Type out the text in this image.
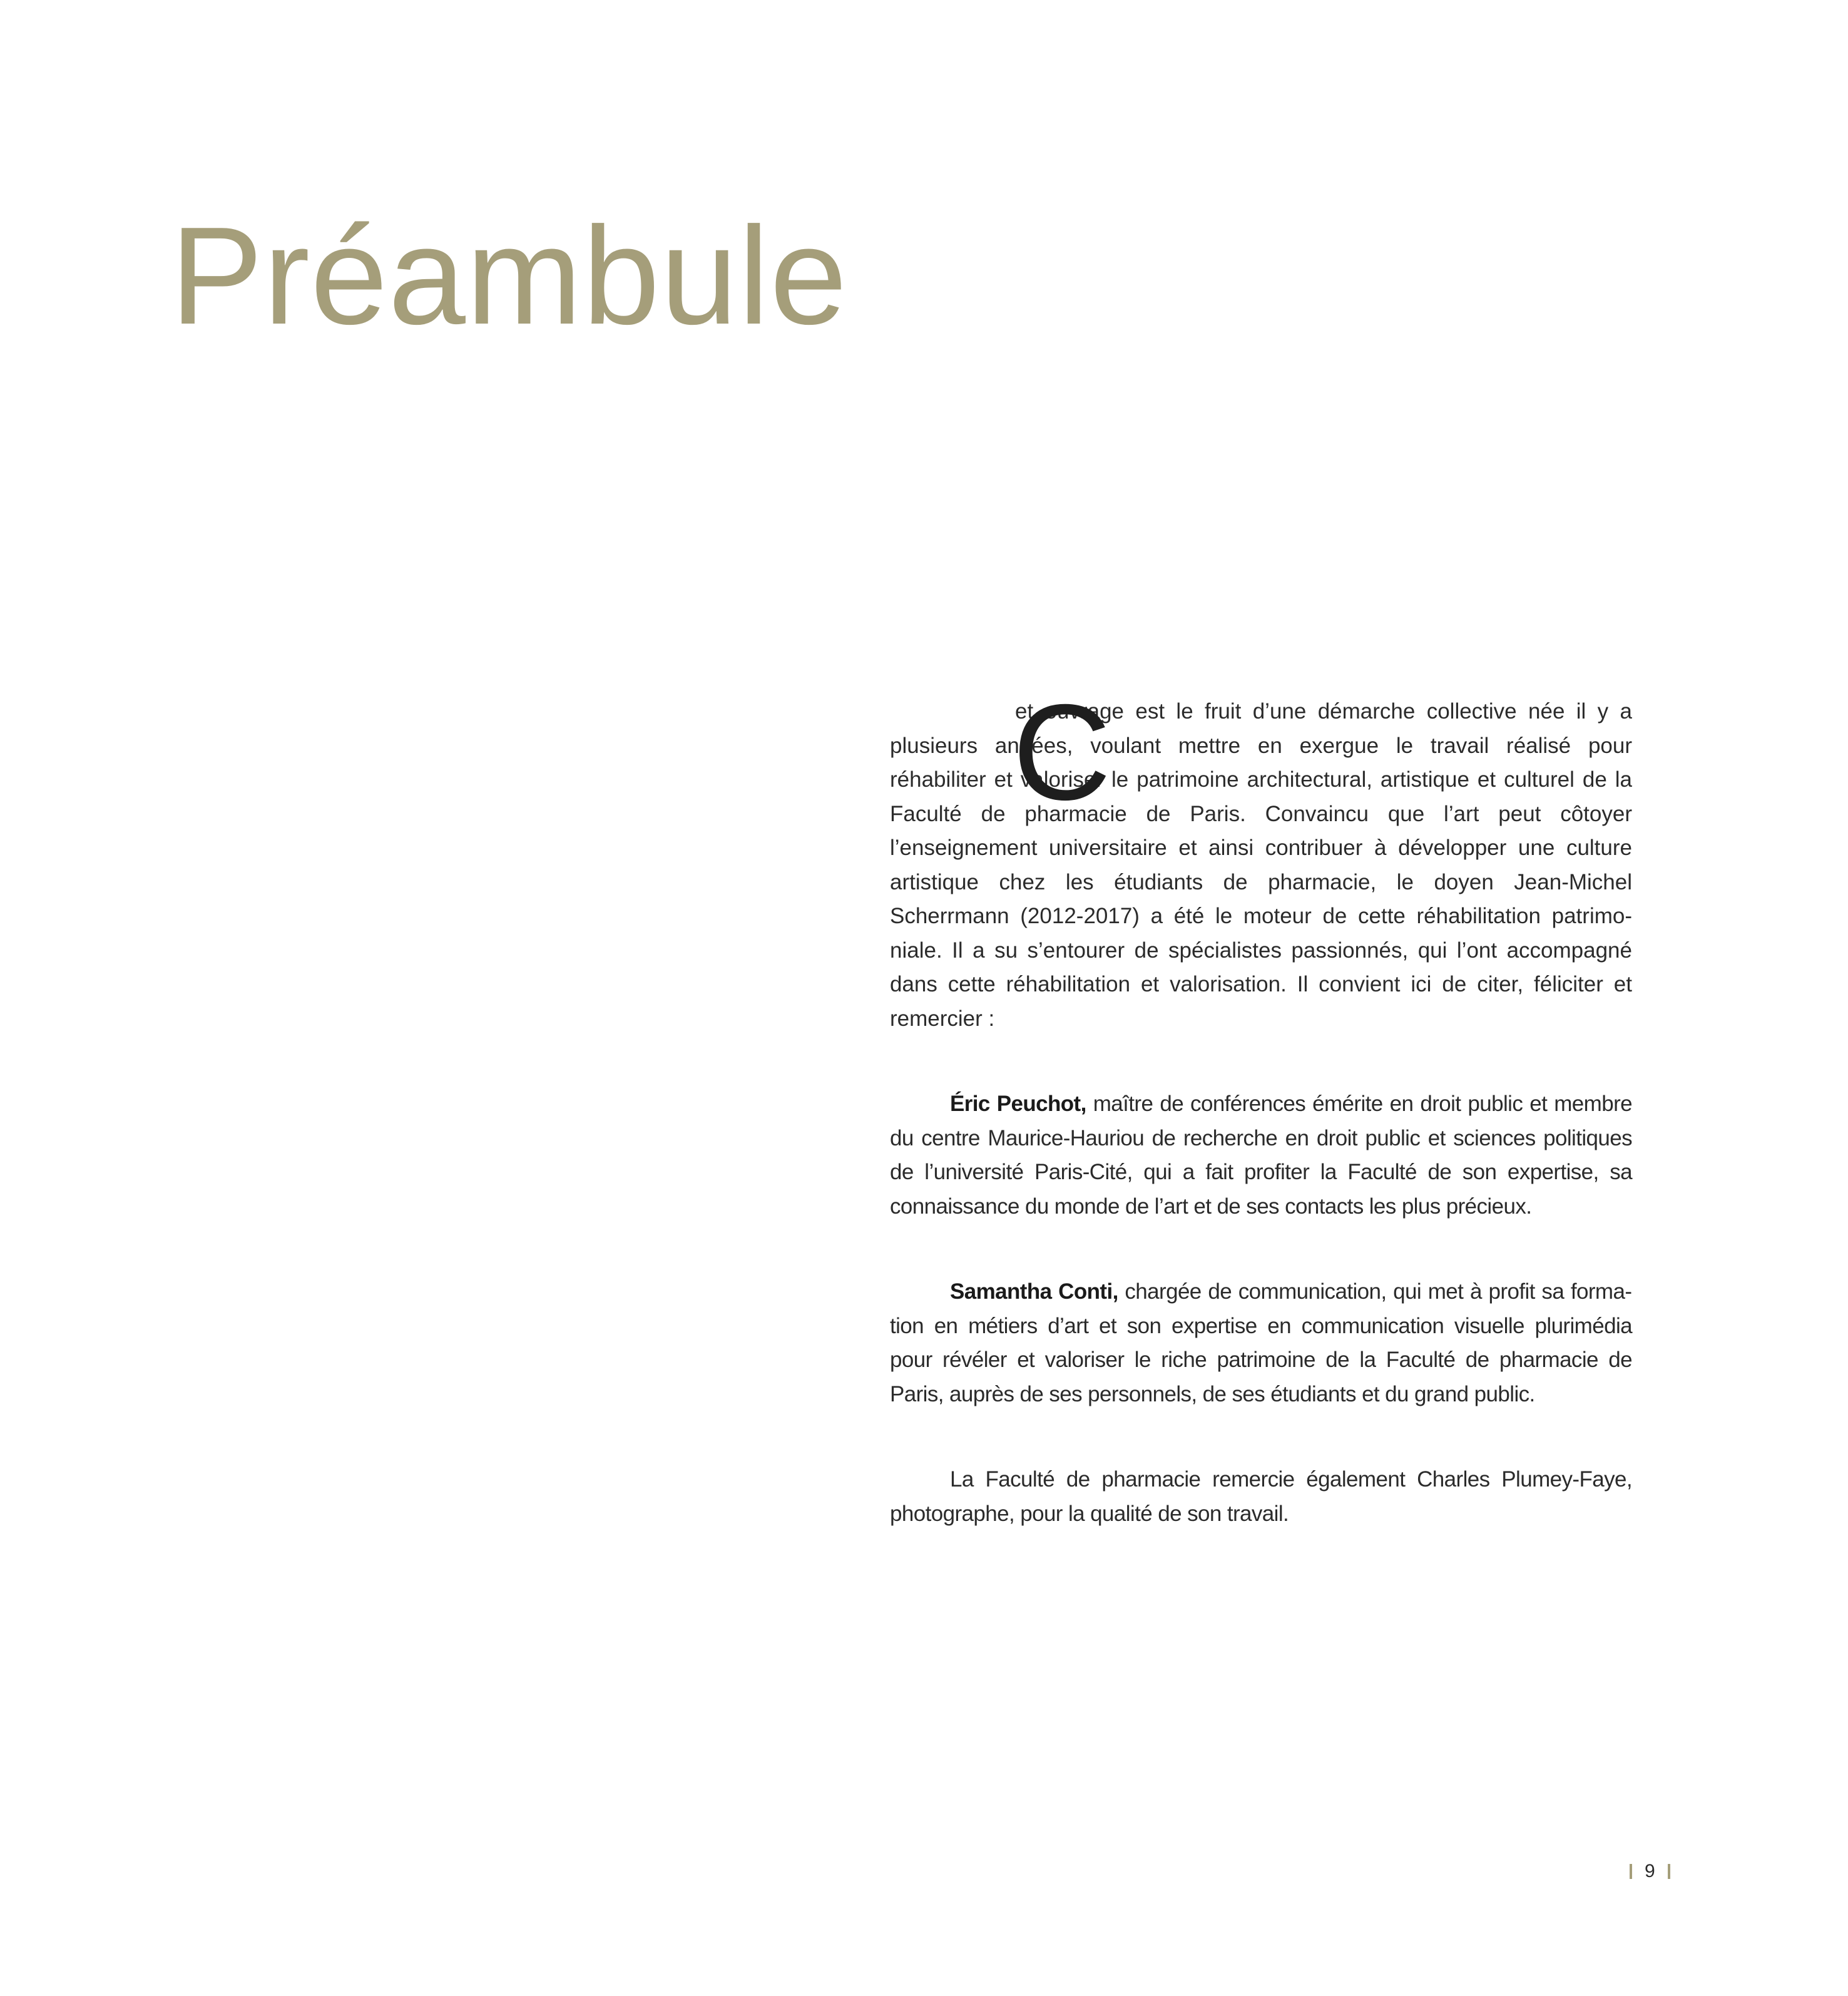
Préambule

C
et ouvrage est le fruit d’une démarche collective née il y a plusieurs années, voulant mettre en exergue le travail réalisé pour réhabiliter et valoriser le patrimoine architectural, artistique et culturel de la Faculté de pharmacie de Paris. Convaincu que l’art peut côtoyer l’enseignement universitaire et ainsi contribuer à développer une culture artistique chez les étudiants de pharmacie, le doyen Jean-Michel Scherrmann (2012-2017) a été le moteur de cette réhabilitation patrimoniale. Il a su s’entourer de spécialistes passionnés, qui l’ont accompagné dans cette réhabilitation et valorisation. Il convient ici de citer, féliciter et remercier :

Éric Peuchot, maître de conférences émérite en droit public et membre du centre Maurice-Hauriou de recherche en droit public et sciences politiques de l’université Paris-Cité, qui a fait profiter la Faculté de son expertise, sa connaissance du monde de l’art et de ses contacts les plus précieux.

Samantha Conti, chargée de communication, qui met à profit sa formation en métiers d’art et son expertise en communication visuelle plurimédia pour révéler et valoriser le riche patrimoine de la Faculté de pharmacie de Paris, auprès de ses personnels, de ses étudiants et du grand public.

La Faculté de pharmacie remercie également Charles Plumey-Faye, photographe, pour la qualité de son travail.

9
